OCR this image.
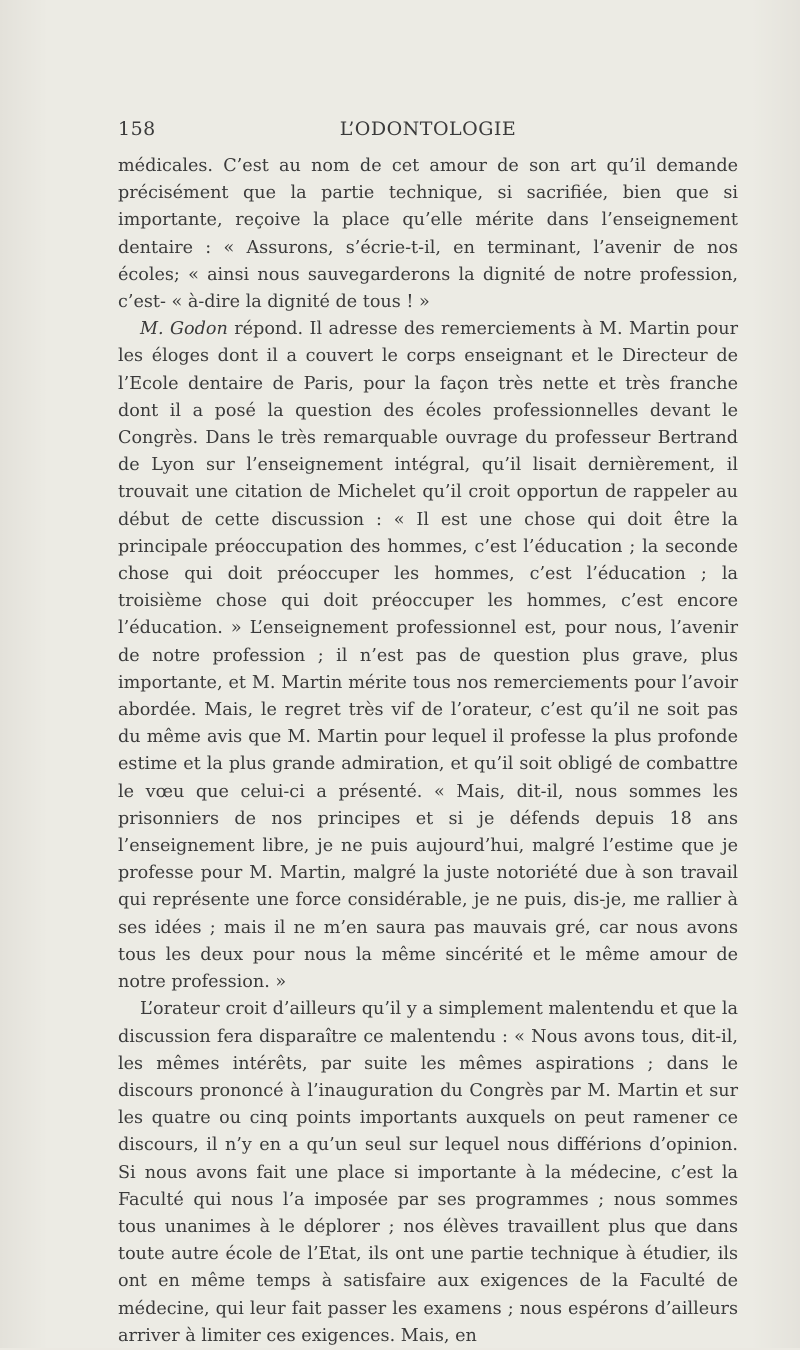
158	L’ODONTOLOGIE

médicales. C’est au nom de cet amour de son art qu’il demande précisément que la partie technique, si sacrifiée, bien que si importante, reçoive la place qu’elle mérite dans l’enseignement dentaire : « Assurons, s’écrie-t-il, en terminant, l’avenir de nos écoles; « ainsi nous sauvegarderons la dignité de notre profession, c’est- « à-dire la dignité de tous ! »

M. Godon répond. Il adresse des remerciements à M. Martin pour les éloges dont il a couvert le corps enseignant et le Directeur de l’Ecole dentaire de Paris, pour la façon très nette et très franche dont il a posé la question des écoles professionnelles devant le Congrès. Dans le très remarquable ouvrage du professeur Bertrand de Lyon sur l’enseignement intégral, qu’il lisait dernièrement, il trouvait une citation de Michelet qu’il croit opportun de rappeler au début de cette discussion : « Il est une chose qui doit être la principale préoccupation des hommes, c’est l’éducation ; la seconde chose qui doit préoccuper les hommes, c’est l’éducation ; la troisième chose qui doit préoccuper les hommes, c’est encore l’éducation. » L’enseignement professionnel est, pour nous, l’avenir de notre profession ; il n’est pas de question plus grave, plus importante, et M. Martin mérite tous nos remerciements pour l’avoir abordée. Mais, le regret très vif de l’orateur, c’est qu’il ne soit pas du même avis que M. Martin pour lequel il professe la plus profonde estime et la plus grande admiration, et qu’il soit obligé de combattre le vœu que celui-ci a présenté. « Mais, dit-il, nous sommes les prisonniers de nos principes et si je défends depuis 18 ans l’enseignement libre, je ne puis aujourd’hui, malgré l’estime que je professe pour M. Martin, malgré la juste notoriété due à son travail qui représente une force considérable, je ne puis, dis-je, me rallier à ses idées ; mais il ne m’en saura pas mauvais gré, car nous avons tous les deux pour nous la même sincérité et le même amour de notre profession. »

L’orateur croit d’ailleurs qu’il y a simplement malentendu et que la discussion fera disparaître ce malentendu : « Nous avons tous, dit-il, les mêmes intérêts, par suite les mêmes aspirations ; dans le discours prononcé à l’inauguration du Congrès par M. Martin et sur les quatre ou cinq points importants auxquels on peut ramener ce discours, il n’y en a qu’un seul sur lequel nous différions d’opinion. Si nous avons fait une place si importante à la médecine, c’est la Faculté qui nous l’a imposée par ses programmes ; nous sommes tous unanimes à le déplorer ; nos élèves travaillent plus que dans toute autre école de l’Etat, ils ont une partie technique à étudier, ils ont en même temps à satisfaire aux exigences de la Faculté de médecine, qui leur fait passer les examens ; nous espérons d’ailleurs arriver à limiter ces exigences. Mais, en
